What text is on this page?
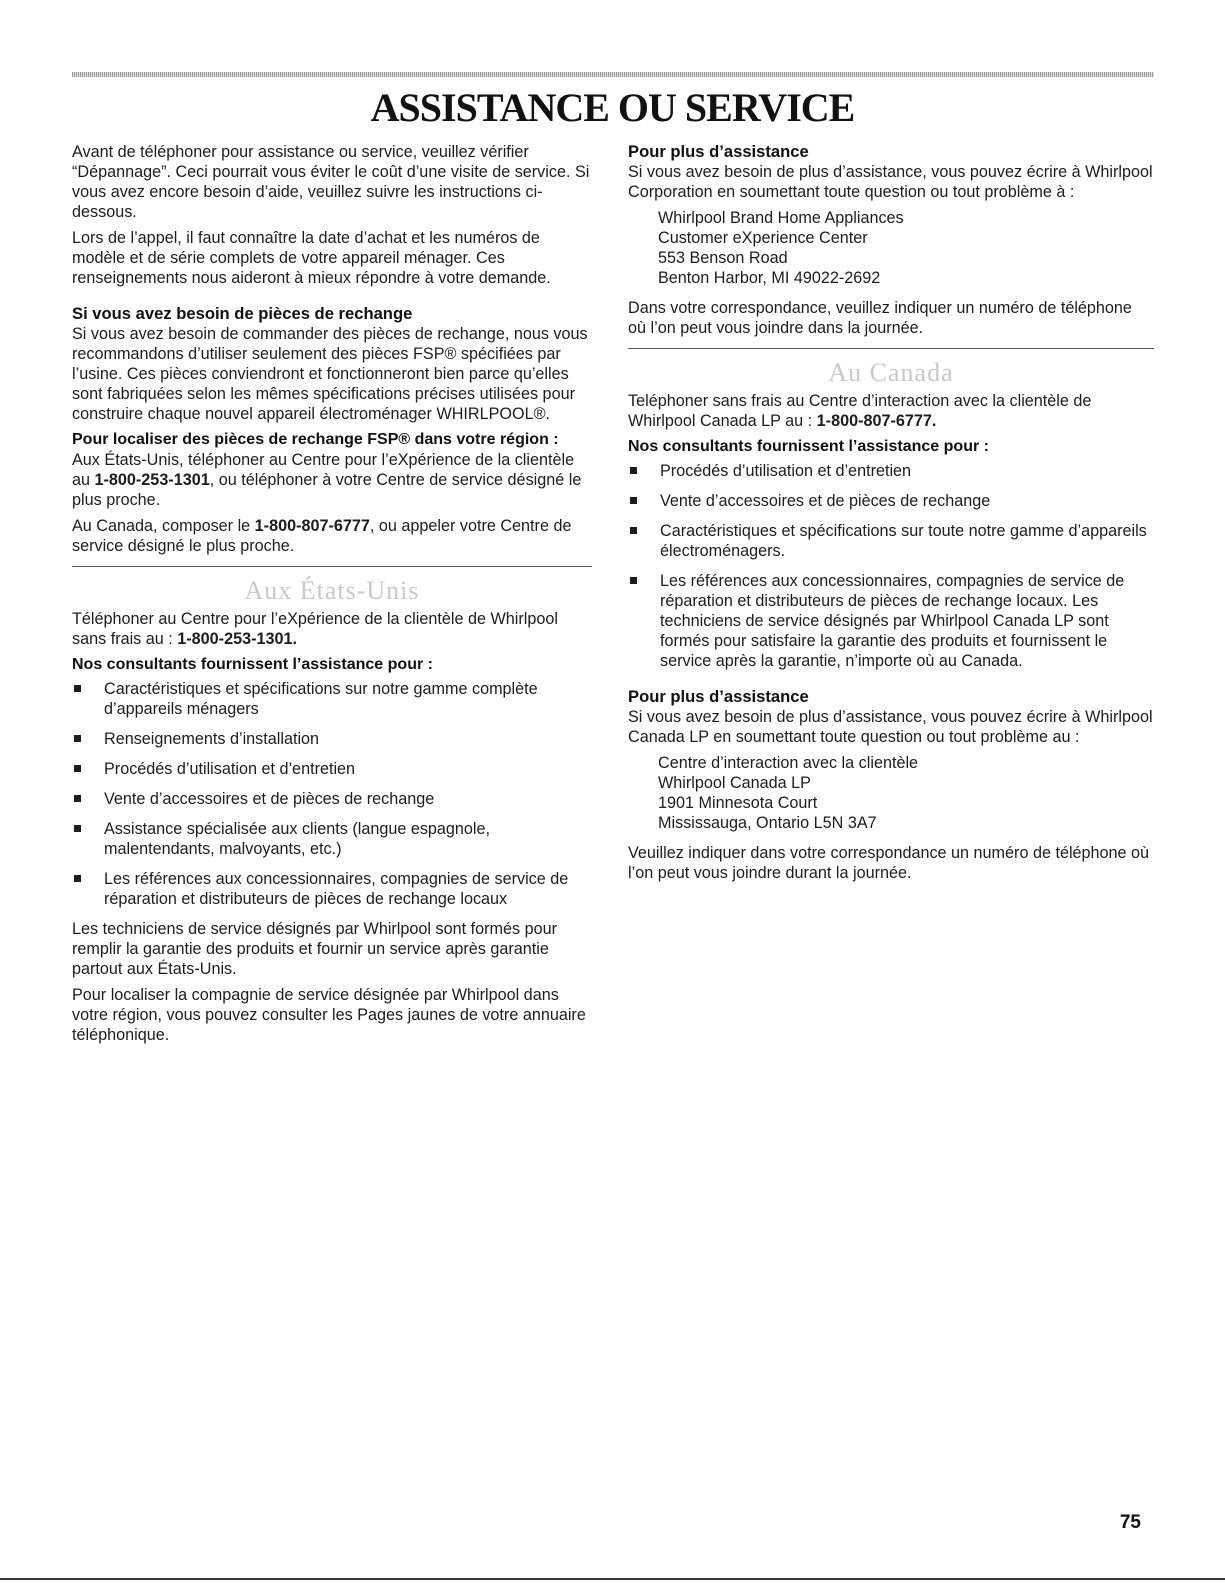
ASSISTANCE OU SERVICE

Avant de téléphoner pour assistance ou service, veuillez vérifier “Dépannage”. Ceci pourrait vous éviter le coût d’une visite de service. Si vous avez encore besoin d’aide, veuillez suivre les instructions ci-dessous.

Lors de l’appel, il faut connaître la date d’achat et les numéros de modèle et de série complets de votre appareil ménager. Ces renseignements nous aideront à mieux répondre à votre demande.

Si vous avez besoin de pièces de rechange

Si vous avez besoin de commander des pièces de rechange, nous vous recommandons d’utiliser seulement des pièces FSP® spécifiées par l’usine. Ces pièces conviendront et fonctionneront bien parce qu’elles sont fabriquées selon les mêmes spécifications précises utilisées pour construire chaque nouvel appareil électroménager WHIRLPOOL®.

Pour localiser des pièces de rechange FSP® dans votre région :

Aux États-Unis, téléphoner au Centre pour l’eXpérience de la clientèle au 1-800-253-1301, ou téléphoner à votre Centre de service désigné le plus proche.

Au Canada, composer le 1-800-807-6777, ou appeler votre Centre de service désigné le plus proche.

Aux États-Unis

Téléphoner au Centre pour l’eXpérience de la clientèle de Whirlpool sans frais au : 1-800-253-1301.

Nos consultants fournissent l’assistance pour :
Caractéristiques et spécifications sur notre gamme complète d’appareils ménagers
Renseignements d’installation
Procédés d’utilisation et d’entretien
Vente d’accessoires et de pièces de rechange
Assistance spécialisée aux clients (langue espagnole, malentendants, malvoyants, etc.)
Les références aux concessionnaires, compagnies de service de réparation et distributeurs de pièces de rechange locaux

Les techniciens de service désignés par Whirlpool sont formés pour remplir la garantie des produits et fournir un service après garantie partout aux États-Unis.

Pour localiser la compagnie de service désignée par Whirlpool dans votre région, vous pouvez consulter les Pages jaunes de votre annuaire téléphonique.

Pour plus d’assistance

Si vous avez besoin de plus d’assistance, vous pouvez écrire à Whirlpool Corporation en soumettant toute question ou tout problème à :

Whirlpool Brand Home Appliances
Customer eXperience Center
553 Benson Road
Benton Harbor, MI 49022-2692

Dans votre correspondance, veuillez indiquer un numéro de téléphone où l’on peut vous joindre dans la journée.

Au Canada

Teléphoner sans frais au Centre d’interaction avec la clientèle de Whirlpool Canada LP au : 1-800-807-6777.

Nos consultants fournissent l’assistance pour :
Procédés d’utilisation et d’entretien
Vente d’accessoires et de pièces de rechange
Caractéristiques et spécifications sur toute notre gamme d’appareils électroménagers.
Les références aux concessionnaires, compagnies de service de réparation et distributeurs de pièces de rechange locaux. Les techniciens de service désignés par Whirlpool Canada LP sont formés pour satisfaire la garantie des produits et fournissent le service après la garantie, n’importe où au Canada.
Pour plus d’assistance

Si vous avez besoin de plus d’assistance, vous pouvez écrire à Whirlpool Canada LP en soumettant toute question ou tout problème au :

Centre d’interaction avec la clientèle
Whirlpool Canada LP
1901 Minnesota Court
Mississauga, Ontario L5N 3A7

Veuillez indiquer dans votre correspondance un numéro de téléphone où l’on peut vous joindre durant la journée.

75
